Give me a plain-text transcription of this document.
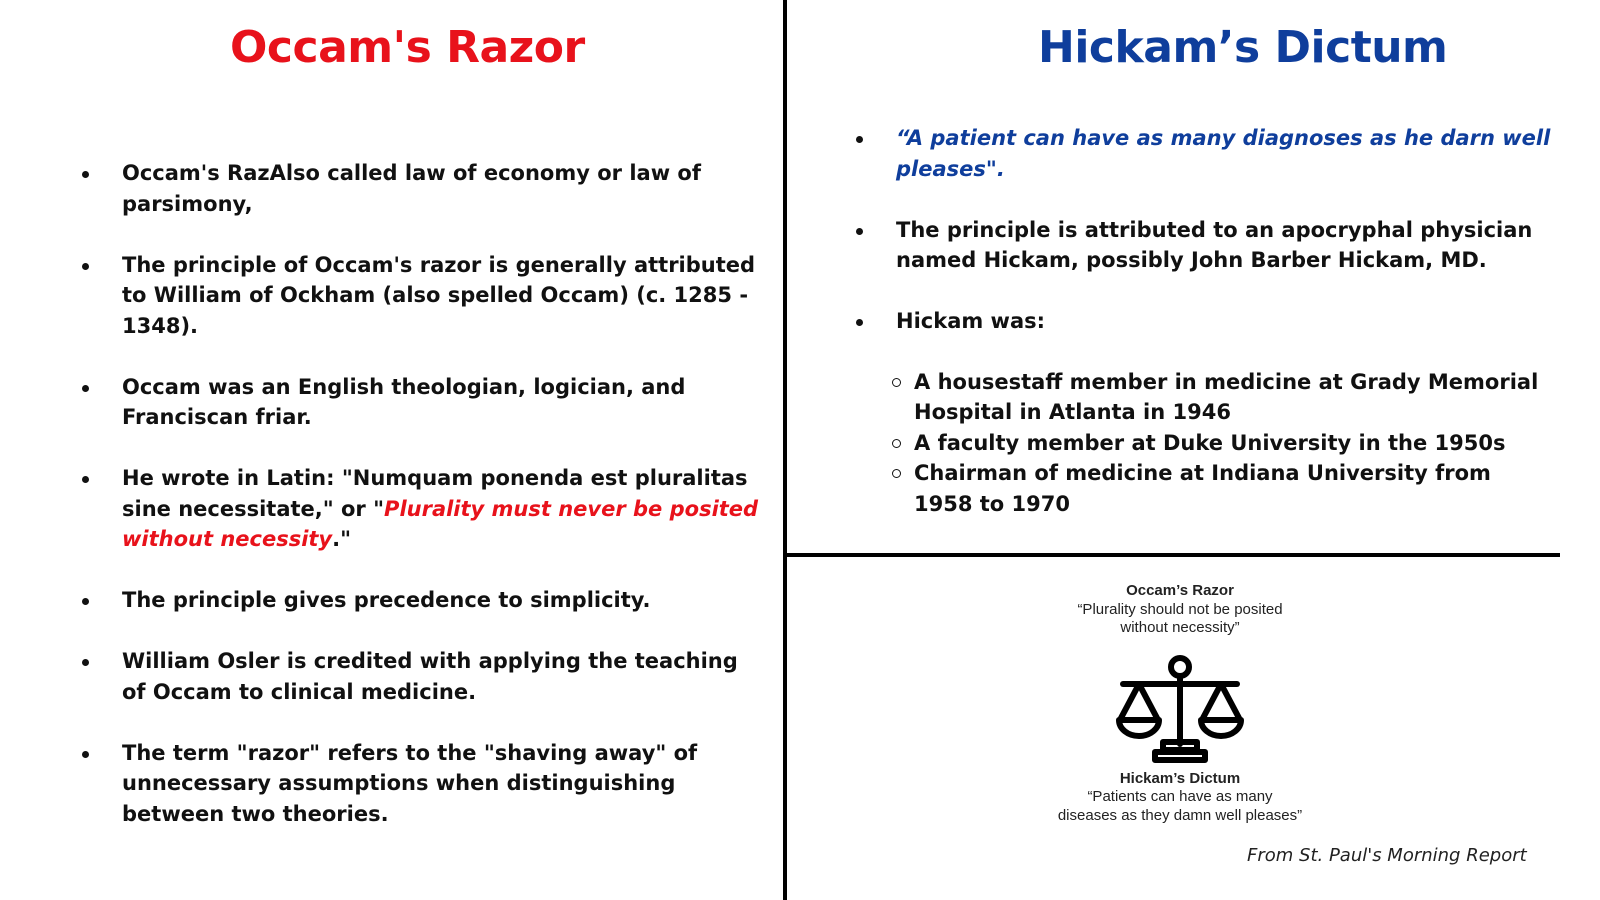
Occam's Razor	Hickam’s Dictum
Occam's RazAlso called law of economy or law of parsimony,
The principle of Occam's razor is generally attributed to William of Ockham (also spelled Occam) (c. 1285 - 1348).
Occam was an English theologian, logician, and Franciscan friar.
He wrote in Latin: "Numquam ponenda est pluralitas sine necessitate," or "Plurality must never be posited without necessity."
The principle gives precedence to simplicity.
William Osler is credited with applying the teaching of Occam to clinical medicine.
The term "razor" refers to the "shaving away" of unnecessary assumptions when distinguishing between two theories.
“A patient can have as many diagnoses as he darn well pleases".
The principle is attributed to an apocryphal physician named Hickam, possibly John Barber Hickam, MD.
Hickam was:
A housestaff member in medicine at Grady Memorial Hospital in Atlanta in 1946
A faculty member at Duke University in the 1950s
Chairman of medicine at Indiana University from 1958 to 1970
Occam’s Razor
“Plurality should not be posited
without necessity”
Hickam’s Dictum
“Patients can have as many
diseases as they damn well pleases”
From St. Paul's Morning Report
